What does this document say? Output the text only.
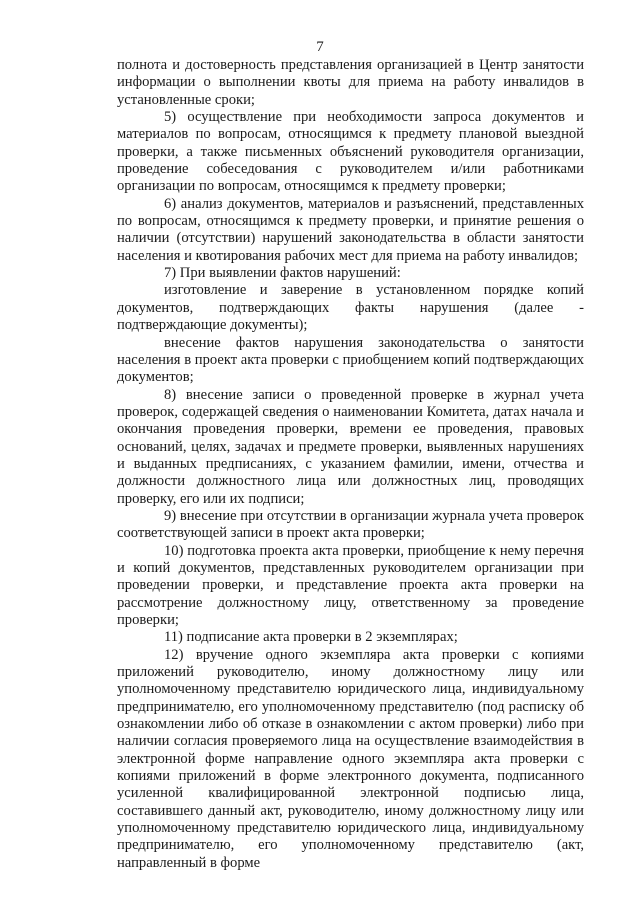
7

полнота и достоверность представления организацией в Центр занятости информации о выполнении квоты для приема на работу инвалидов в установленные сроки;

5) осуществление при необходимости запроса документов и материалов по вопросам, относящимся к предмету плановой выездной проверки, а также письменных объяснений руководителя организации, проведение собеседования с руководителем и/или работниками организации по вопросам, относящимся к предмету проверки;

6) анализ документов, материалов и разъяснений, представленных по вопросам, относящимся к предмету проверки, и принятие решения о наличии (отсутствии) нарушений законодательства в области занятости населения и квотирования рабочих мест для приема на работу инвалидов;

7) При выявлении фактов нарушений:

изготовление и заверение в установленном порядке копий документов, подтверждающих факты нарушения (далее - подтверждающие документы);

внесение фактов нарушения законодательства о занятости населения в проект акта проверки с приобщением копий подтверждающих документов;

8) внесение записи о проведенной проверке в журнал учета проверок, содержащей сведения о наименовании Комитета, датах начала и окончания проведения проверки, времени ее проведения, правовых оснований, целях, задачах и предмете проверки, выявленных нарушениях и выданных предписаниях, с указанием фамилии, имени, отчества и должности должностного лица или должностных лиц, проводящих проверку, его или их подписи;

9) внесение при отсутствии в организации журнала учета проверок соответствующей записи в проект акта проверки;

10) подготовка проекта акта проверки, приобщение к нему перечня и копий документов, представленных руководителем организации при проведении проверки, и представление проекта акта проверки на рассмотрение должностному лицу, ответственному за проведение проверки;

11) подписание акта проверки в 2 экземплярах;

12) вручение одного экземпляра акта проверки с копиями приложений руководителю, иному должностному лицу или уполномоченному представителю юридического лица, индивидуальному предпринимателю, его уполномоченному представителю (под расписку об ознакомлении либо об отказе в ознакомлении с актом проверки) либо при наличии согласия проверяемого лица на осуществление взаимодействия в электронной форме направление одного экземпляра акта проверки с копиями приложений в форме электронного документа, подписанного усиленной квалифицированной электронной подписью лица, составившего данный акт, руководителю, иному должностному лицу или уполномоченному представителю юридического лица, индивидуальному предпринимателю, его уполномоченному представителю (акт, направленный в форме
